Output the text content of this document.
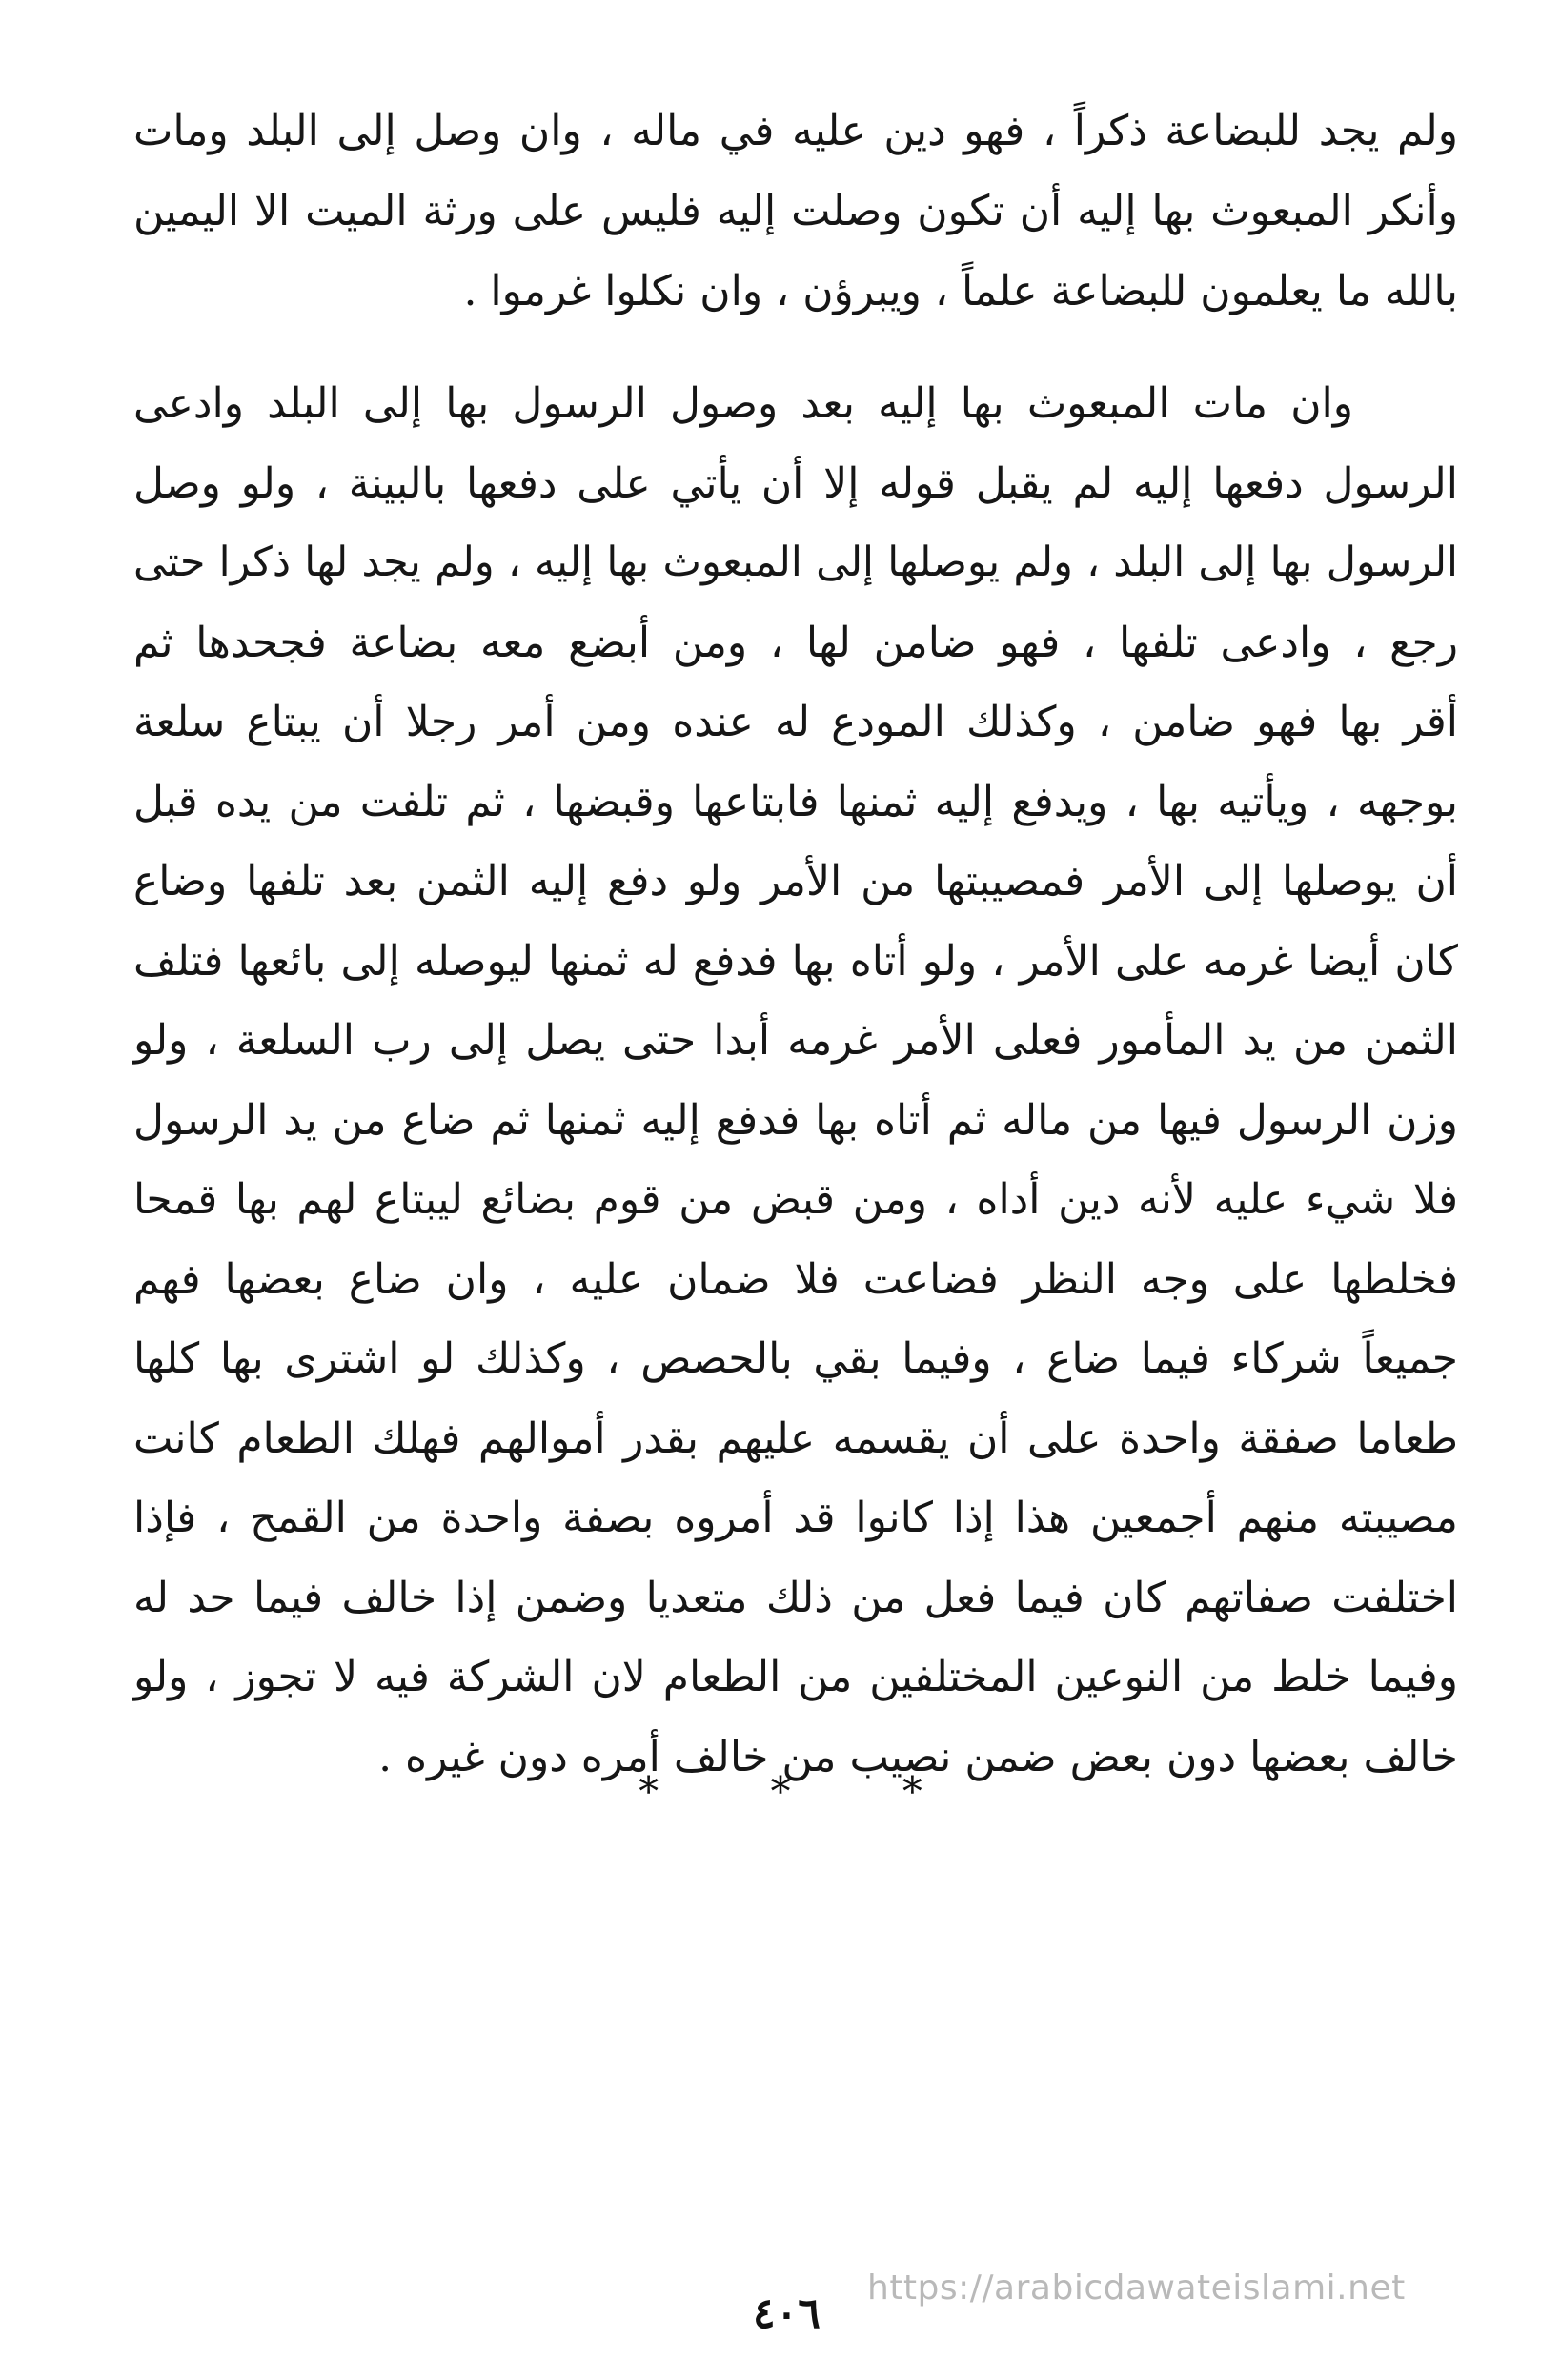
ولم يجد للبضاعة ذكراً ، فهو دين عليه في ماله ، وان وصل إلى البلد ومات
وأنكر المبعوث بها إليه أن تكون وصلت إليه فليس على ورثة الميت الا اليمين
بالله ما يعلمون للبضاعة علماً ، ويبرؤن ، وان نكلوا غرموا .
وان مات المبعوث بها إليه بعد وصول الرسول بها إلى البلد وادعى
الرسول دفعها إليه لم يقبل قوله إلا أن يأتي على دفعها بالبينة ، ولو وصل
الرسول بها إلى البلد ، ولم يوصلها إلى المبعوث بها إليه ، ولم يجد لها ذكرا حتى
رجع ، وادعى تلفها ، فهو ضامن لها ، ومن أبضع معه بضاعة فجحدها ثم
أقر بها فهو ضامن ، وكذلك المودع له عنده ومن أمر رجلا أن يبتاع سلعة
بوجهه ، ويأتيه بها ، ويدفع إليه ثمنها فابتاعها وقبضها ، ثم تلفت من يده قبل
أن يوصلها إلى الأمر فمصيبتها من الأمر ولو دفع إليه الثمن بعد تلفها وضاع
كان أيضا غرمه على الأمر ، ولو أتاه بها فدفع له ثمنها ليوصله إلى بائعها فتلف
الثمن من يد المأمور فعلى الأمر غرمه أبدا حتى يصل إلى رب السلعة ، ولو
وزن الرسول فيها من ماله ثم أتاه بها فدفع إليه ثمنها ثم ضاع من يد الرسول
فلا شيء عليه لأنه دين أداه ، ومن قبض من قوم بضائع ليبتاع لهم بها قمحا
فخلطها على وجه النظر فضاعت فلا ضمان عليه ، وان ضاع بعضها فهم
جميعاً شركاء فيما ضاع ، وفيما بقي بالحصص ، وكذلك لو اشترى بها كلها
طعاما صفقة واحدة على أن يقسمه عليهم بقدر أموالهم فهلك الطعام كانت
مصيبته منهم أجمعين هذا إذا كانوا قد أمروه بصفة واحدة من القمح ، فإذا
اختلفت صفاتهم كان فيما فعل من ذلك متعديا وضمن إذا خالف فيما حد له
وفيما خلط من النوعين المختلفين من الطعام لان الشركة فيه لا تجوز ، ولو
خالف بعضها دون بعض ضمن نصيب من خالف أمره دون غيره .
* * *
https://arabicdawateislami.net
٤٠٦
